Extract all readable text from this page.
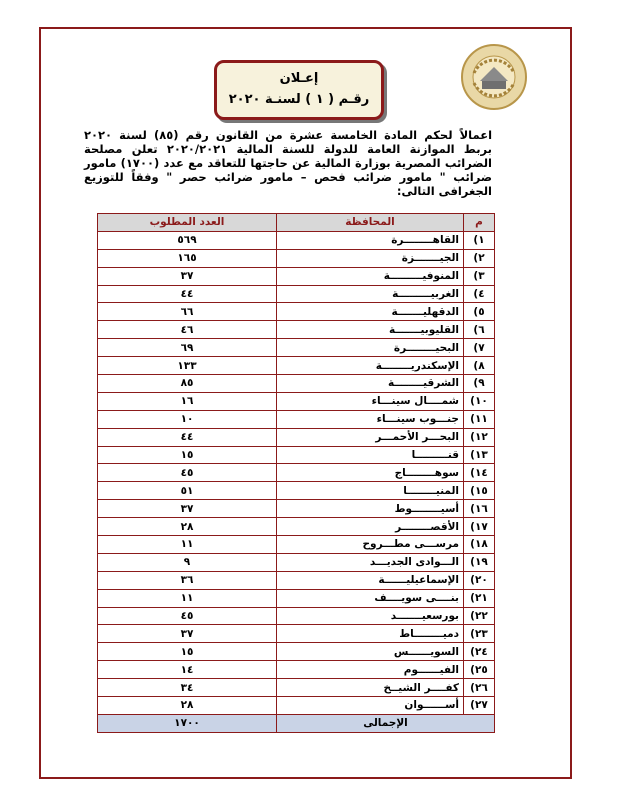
إعـلان
رقـم ( ١ ) لسنـة ٢٠٢٠
اعمالاً لحكم المادة الخامسة عشرة من القانون رقم (٨٥) لسنة ٢٠٢٠ بربط الموازنة العامة للدولة للسنة المالية ٢٠٢٠/٢٠٢١ تعلن مصلحة الضرائب المصرية بوزارة المالية عن حاجتها للتعاقد مع عدد (١٧٠٠) مامور ضرائب " مامور ضرائب فحص – مامور ضرائب حصر " وفقاً للتوزيع الجغرافى التالى:
م	المحافظة	العدد المطلوب
١)	القاهــــــــرة	٥٦٩
٢)	الجيـــــــزة	١٦٥
٣)	المنوفيـــــــــة	٣٧
٤)	الغربيـــــــــة	٤٤
٥)	الدقهليـــــــة	٦٦
٦)	القليوبيـــــــة	٤٦
٧)	البحيــــــــرة	٦٩
٨)	الإسكندريــــــــة	١٣٣
٩)	الشرقيــــــــة	٨٥
١٠)	شمــــال سينـــاء	١٦
١١)	جنـــوب سينـــاء	١٠
١٢)	البحـــر الأحمـــر	٤٤
١٣)	قنـــــــــا	١٥
١٤)	سوهــــــــاج	٤٥
١٥)	المنيــــــــا	٥١
١٦)	أسيــــــــوط	٣٧
١٧)	الأقصــــــــر	٢٨
١٨)	مرســـى مطـــروح	١١
١٩)	الـــوادى الجديـــد	٩
٢٠)	الإسماعيليــــــة	٣٦
٢١)	بنــــى سويــــف	١١
٢٢)	بورسعيـــــــد	٤٥
٢٣)	دميــــــــاط	٣٧
٢٤)	السويــــــس	١٥
٢٥)	الفيــــــوم	١٤
٢٦)	كفــــر الشيــخ	٣٤
٢٧)	أســــــوان	٢٨
الإجمالى		١٧٠٠
